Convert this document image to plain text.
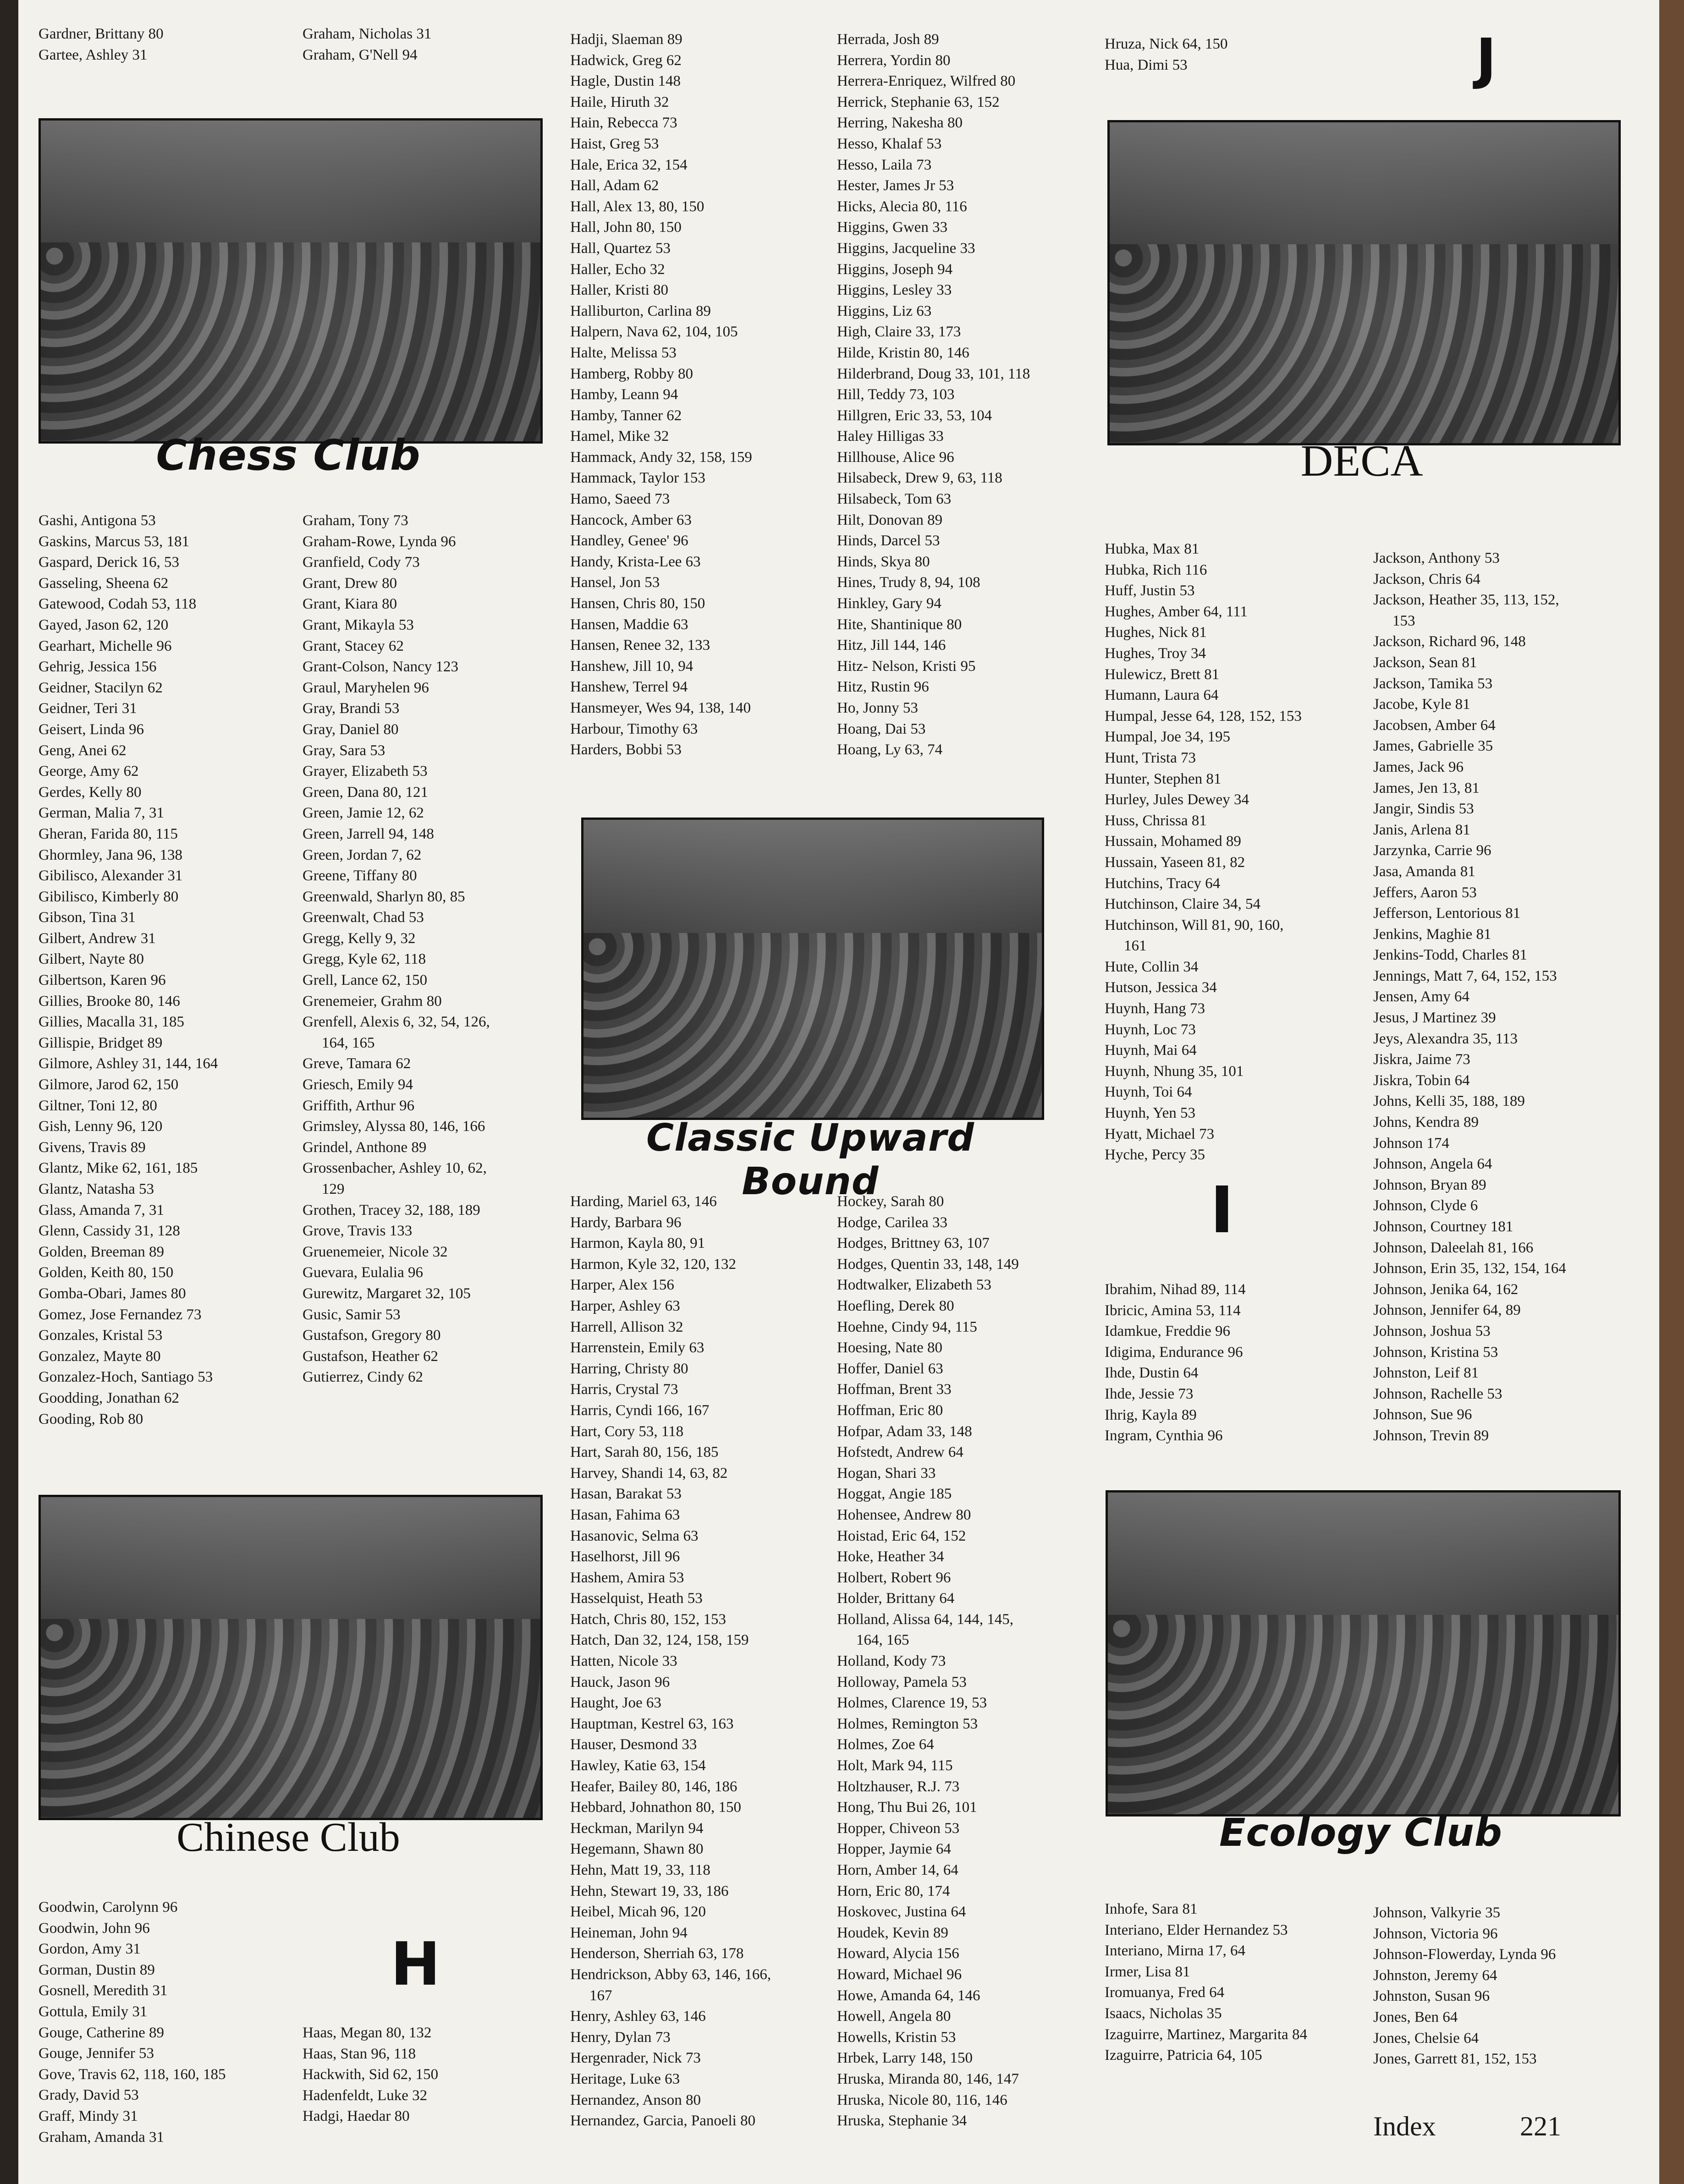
Gardner, Brittany 80
Gartee, Ashley 31
Graham, Nicholas 31
Graham, G'Nell 94
Hadji, Slaeman 89
Hadwick, Greg 62
Hagle, Dustin 148
Haile, Hiruth 32
Hain, Rebecca 73
Haist, Greg 53
Hale, Erica 32, 154
Hall, Adam 62
Hall, Alex 13, 80, 150
Hall, John 80, 150
Hall, Quartez 53
Haller, Echo 32
Haller, Kristi 80
Halliburton, Carlina 89
Halpern, Nava 62, 104, 105
Halte, Melissa 53
Hamberg, Robby 80
Hamby, Leann 94
Hamby, Tanner 62
Hamel, Mike 32
Hammack, Andy 32, 158, 159
Hammack, Taylor 153
Hamo, Saeed 73
Hancock, Amber 63
Handley, Genee' 96
Handy, Krista-Lee 63
Hansel, Jon 53
Hansen, Chris 80, 150
Hansen, Maddie 63
Hansen, Renee 32, 133
Hanshew, Jill 10, 94
Hanshew, Terrel 94
Hansmeyer, Wes 94, 138, 140
Harbour, Timothy 63
Harders, Bobbi 53
Herrada, Josh 89
Herrera, Yordin 80
Herrera-Enriquez, Wilfred 80
Herrick, Stephanie 63, 152
Herring, Nakesha 80
Hesso, Khalaf 53
Hesso, Laila 73
Hester, James Jr 53
Hicks, Alecia 80, 116
Higgins, Gwen 33
Higgins, Jacqueline 33
Higgins, Joseph 94
Higgins, Lesley 33
Higgins, Liz 63
High, Claire 33, 173
Hilde, Kristin 80, 146
Hilderbrand, Doug 33, 101, 118
Hill, Teddy 73, 103
Hillgren, Eric 33, 53, 104
Haley Hilligas 33
Hillhouse, Alice 96
Hilsabeck, Drew 9, 63, 118
Hilsabeck, Tom 63
Hilt, Donovan 89
Hinds, Darcel 53
Hinds, Skya 80
Hines, Trudy 8, 94, 108
Hinkley, Gary 94
Hite, Shantinique 80
Hitz, Jill 144, 146
Hitz- Nelson, Kristi 95
Hitz, Rustin 96
Ho, Jonny 53
Hoang, Dai 53
Hoang, Ly 63, 74
Hruza, Nick 64, 150
Hua, Dimi 53
Gashi, Antigona 53
Gaskins, Marcus 53, 181
Gaspard, Derick 16, 53
Gasseling, Sheena 62
Gatewood, Codah 53, 118
Gayed, Jason 62, 120
Gearhart, Michelle 96
Gehrig, Jessica 156
Geidner, Stacilyn 62
Geidner, Teri 31
Geisert, Linda 96
Geng, Anei 62
George, Amy 62
Gerdes, Kelly 80
German, Malia 7, 31
Gheran, Farida 80, 115
Ghormley, Jana 96, 138
Gibilisco, Alexander 31
Gibilisco, Kimberly 80
Gibson, Tina 31
Gilbert, Andrew 31
Gilbert, Nayte 80
Gilbertson, Karen 96
Gillies, Brooke 80, 146
Gillies, Macalla 31, 185
Gillispie, Bridget 89
Gilmore, Ashley 31, 144, 164
Gilmore, Jarod 62, 150
Giltner, Toni 12, 80
Gish, Lenny 96, 120
Givens, Travis 89
Glantz, Mike 62, 161, 185
Glantz, Natasha 53
Glass, Amanda 7, 31
Glenn, Cassidy 31, 128
Golden, Breeman 89
Golden, Keith 80, 150
Gomba-Obari, James 80
Gomez, Jose Fernandez 73
Gonzales, Kristal 53
Gonzalez, Mayte 80
Gonzalez-Hoch, Santiago 53
Goodding, Jonathan 62
Gooding, Rob 80
Graham, Tony 73
Graham-Rowe, Lynda 96
Granfield, Cody 73
Grant, Drew 80
Grant, Kiara 80
Grant, Mikayla 53
Grant, Stacey 62
Grant-Colson, Nancy 123
Graul, Maryhelen 96
Gray, Brandi 53
Gray, Daniel 80
Gray, Sara 53
Grayer, Elizabeth 53
Green, Dana 80, 121
Green, Jamie 12, 62
Green, Jarrell 94, 148
Green, Jordan 7, 62
Greene, Tiffany 80
Greenwald, Sharlyn 80, 85
Greenwalt, Chad 53
Gregg, Kelly 9, 32
Gregg, Kyle 62, 118
Grell, Lance 62, 150
Grenemeier, Grahm 80
Grenfell, Alexis 6, 32, 54, 126,
164, 165
Greve, Tamara 62
Griesch, Emily 94
Griffith, Arthur 96
Grimsley, Alyssa 80, 146, 166
Grindel, Anthone 89
Grossenbacher, Ashley 10, 62,
129
Grothen, Tracey 32, 188, 189
Grove, Travis 133
Gruenemeier, Nicole 32
Guevara, Eulalia 96
Gurewitz, Margaret 32, 105
Gusic, Samir 53
Gustafson, Gregory 80
Gustafson, Heather 62
Gutierrez, Cindy 62
Harding, Mariel 63, 146
Hardy, Barbara 96
Harmon, Kayla 80, 91
Harmon, Kyle 32, 120, 132
Harper, Alex 156
Harper, Ashley 63
Harrell, Allison 32
Harrenstein, Emily 63
Harring, Christy 80
Harris, Crystal 73
Harris, Cyndi 166, 167
Hart, Cory 53, 118
Hart, Sarah 80, 156, 185
Harvey, Shandi 14, 63, 82
Hasan, Barakat 53
Hasan, Fahima 63
Hasanovic, Selma 63
Haselhorst, Jill 96
Hashem, Amira 53
Hasselquist, Heath 53
Hatch, Chris 80, 152, 153
Hatch, Dan 32, 124, 158, 159
Hatten, Nicole 33
Hauck, Jason 96
Haught, Joe 63
Hauptman, Kestrel 63, 163
Hauser, Desmond 33
Hawley, Katie 63, 154
Heafer, Bailey 80, 146, 186
Hebbard, Johnathon 80, 150
Heckman, Marilyn 94
Hegemann, Shawn 80
Hehn, Matt 19, 33, 118
Hehn, Stewart 19, 33, 186
Heibel, Micah 96, 120
Heineman, John 94
Henderson, Sherriah 63, 178
Hendrickson, Abby 63, 146, 166,
167
Henry, Ashley 63, 146
Henry, Dylan 73
Hergenrader, Nick 73
Heritage, Luke 63
Hernandez, Anson 80
Hernandez, Garcia, Panoeli 80
Hockey, Sarah 80
Hodge, Carilea 33
Hodges, Brittney 63, 107
Hodges, Quentin 33, 148, 149
Hodtwalker, Elizabeth 53
Hoefling, Derek 80
Hoehne, Cindy 94, 115
Hoesing, Nate 80
Hoffer, Daniel 63
Hoffman, Brent 33
Hoffman, Eric 80
Hofpar, Adam 33, 148
Hofstedt, Andrew 64
Hogan, Shari 33
Hoggat, Angie 185
Hohensee, Andrew 80
Hoistad, Eric 64, 152
Hoke, Heather 34
Holbert, Robert 96
Holder, Brittany 64
Holland, Alissa 64, 144, 145,
164, 165
Holland, Kody 73
Holloway, Pamela 53
Holmes, Clarence 19, 53
Holmes, Remington 53
Holmes, Zoe 64
Holt, Mark 94, 115
Holtzhauser, R.J. 73
Hong, Thu Bui 26, 101
Hopper, Chiveon 53
Hopper, Jaymie 64
Horn, Amber 14, 64
Horn, Eric 80, 174
Hoskovec, Justina 64
Houdek, Kevin 89
Howard, Alycia 156
Howard, Michael 96
Howe, Amanda 64, 146
Howell, Angela 80
Howells, Kristin 53
Hrbek, Larry 148, 150
Hruska, Miranda 80, 146, 147
Hruska, Nicole 80, 116, 146
Hruska, Stephanie 34
Hubka, Max 81
Hubka, Rich 116
Huff, Justin 53
Hughes, Amber 64, 111
Hughes, Nick 81
Hughes, Troy 34
Hulewicz, Brett 81
Humann, Laura 64
Humpal, Jesse 64, 128, 152, 153
Humpal, Joe 34, 195
Hunt, Trista 73
Hunter, Stephen 81
Hurley, Jules Dewey 34
Huss, Chrissa 81
Hussain, Mohamed 89
Hussain, Yaseen 81, 82
Hutchins, Tracy 64
Hutchinson, Claire 34, 54
Hutchinson, Will 81, 90, 160,
161
Hute, Collin 34
Hutson, Jessica 34
Huynh, Hang 73
Huynh, Loc 73
Huynh, Mai 64
Huynh, Nhung 35, 101
Huynh, Toi 64
Huynh, Yen 53
Hyatt, Michael 73
Hyche, Percy 35
Jackson, Anthony 53
Jackson, Chris 64
Jackson, Heather 35, 113, 152,
153
Jackson, Richard 96, 148
Jackson, Sean 81
Jackson, Tamika 53
Jacobe, Kyle 81
Jacobsen, Amber 64
James, Gabrielle 35
James, Jack 96
James, Jen 13, 81
Jangir, Sindis 53
Janis, Arlena 81
Jarzynka, Carrie 96
Jasa, Amanda 81
Jeffers, Aaron 53
Jefferson, Lentorious 81
Jenkins, Maghie 81
Jenkins-Todd, Charles 81
Jennings, Matt 7, 64, 152, 153
Jensen, Amy 64
Jesus, J Martinez 39
Jeys, Alexandra 35, 113
Jiskra, Jaime 73
Jiskra, Tobin 64
Johns, Kelli 35, 188, 189
Johns, Kendra 89
Johnson 174
Johnson, Angela 64
Johnson, Bryan 89
Johnson, Clyde 6
Johnson, Courtney 181
Johnson, Daleelah 81, 166
Johnson, Erin 35, 132, 154, 164
Johnson, Jenika 64, 162
Johnson, Jennifer 64, 89
Johnson, Joshua 53
Johnson, Kristina 53
Johnston, Leif 81
Johnson, Rachelle 53
Johnson, Sue 96
Johnson, Trevin 89
Ibrahim, Nihad 89, 114
Ibricic, Amina 53, 114
Idamkue, Freddie 96
Idigima, Endurance 96
Ihde, Dustin 64
Ihde, Jessie 73
Ihrig, Kayla 89
Ingram, Cynthia 96
Goodwin, Carolynn 96
Goodwin, John 96
Gordon, Amy 31
Gorman, Dustin 89
Gosnell, Meredith 31
Gottula, Emily 31
Gouge, Catherine 89
Gouge, Jennifer 53
Gove, Travis 62, 118, 160, 185
Grady, David 53
Graff, Mindy 31
Graham, Amanda 31
Haas, Megan 80, 132
Haas, Stan 96, 118
Hackwith, Sid 62, 150
Hadenfeldt, Luke 32
Hadgi, Haedar 80
Inhofe, Sara 81
Interiano, Elder Hernandez 53
Interiano, Mirna 17, 64
Irmer, Lisa 81
Iromuanya, Fred 64
Isaacs, Nicholas 35
Izaguirre, Martinez, Margarita 84
Izaguirre, Patricia 64, 105
Johnson, Valkyrie 35
Johnson, Victoria 96
Johnson-Flowerday, Lynda 96
Johnston, Jeremy 64
Johnston, Susan 96
Jones, Ben 64
Jones, Chelsie 64
Jones, Garrett 81, 152, 153
Chess Club	DECA
Classic Upward Bound
Chinese Club	Ecology Club
H
I
J
Index	221
